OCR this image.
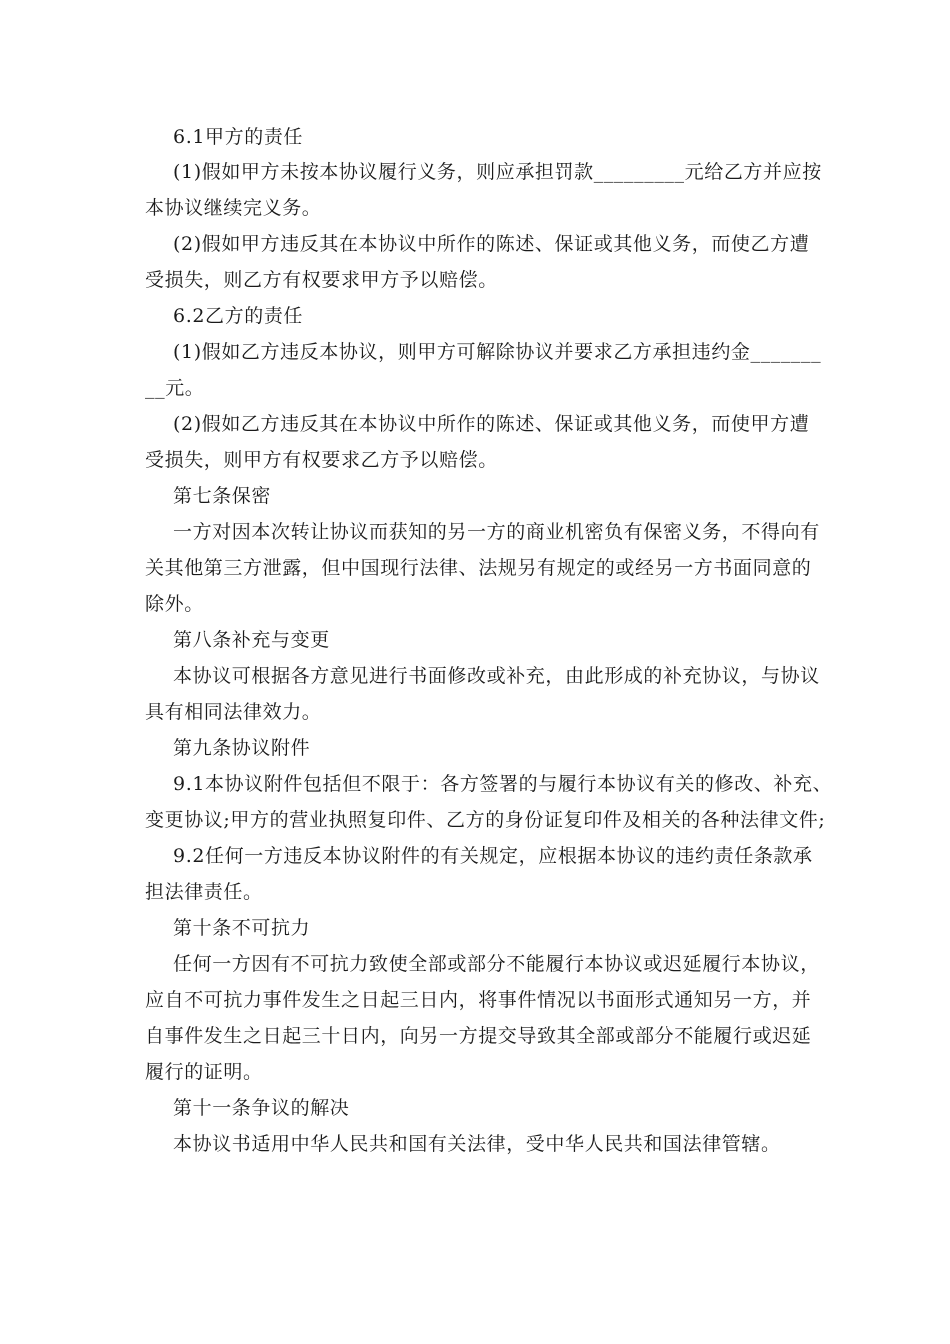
6.1甲方的责任
(1)假如甲方未按本协议履行义务，则应承担罚款_________元给乙方并应按
本协议继续完义务。
(2)假如甲方违反其在本协议中所作的陈述、保证或其他义务，而使乙方遭
受损失，则乙方有权要求甲方予以赔偿。
6.2乙方的责任
(1)假如乙方违反本协议，则甲方可解除协议并要求乙方承担违约金_______
__元。
(2)假如乙方违反其在本协议中所作的陈述、保证或其他义务，而使甲方遭
受损失，则甲方有权要求乙方予以赔偿。
第七条保密
一方对因本次转让协议而获知的另一方的商业机密负有保密义务，不得向有
关其他第三方泄露，但中国现行法律、法规另有规定的或经另一方书面同意的
除外。
第八条补充与变更
本协议可根据各方意见进行书面修改或补充，由此形成的补充协议，与协议
具有相同法律效力。
第九条协议附件
9.1本协议附件包括但不限于：各方签署的与履行本协议有关的修改、补充、
变更协议;甲方的营业执照复印件、乙方的身份证复印件及相关的各种法律文件;
9.2任何一方违反本协议附件的有关规定，应根据本协议的违约责任条款承
担法律责任。
第十条不可抗力
任何一方因有不可抗力致使全部或部分不能履行本协议或迟延履行本协议，
应自不可抗力事件发生之日起三日内，将事件情况以书面形式通知另一方，并
自事件发生之日起三十日内，向另一方提交导致其全部或部分不能履行或迟延
履行的证明。
第十一条争议的解决
本协议书适用中华人民共和国有关法律，受中华人民共和国法律管辖。
